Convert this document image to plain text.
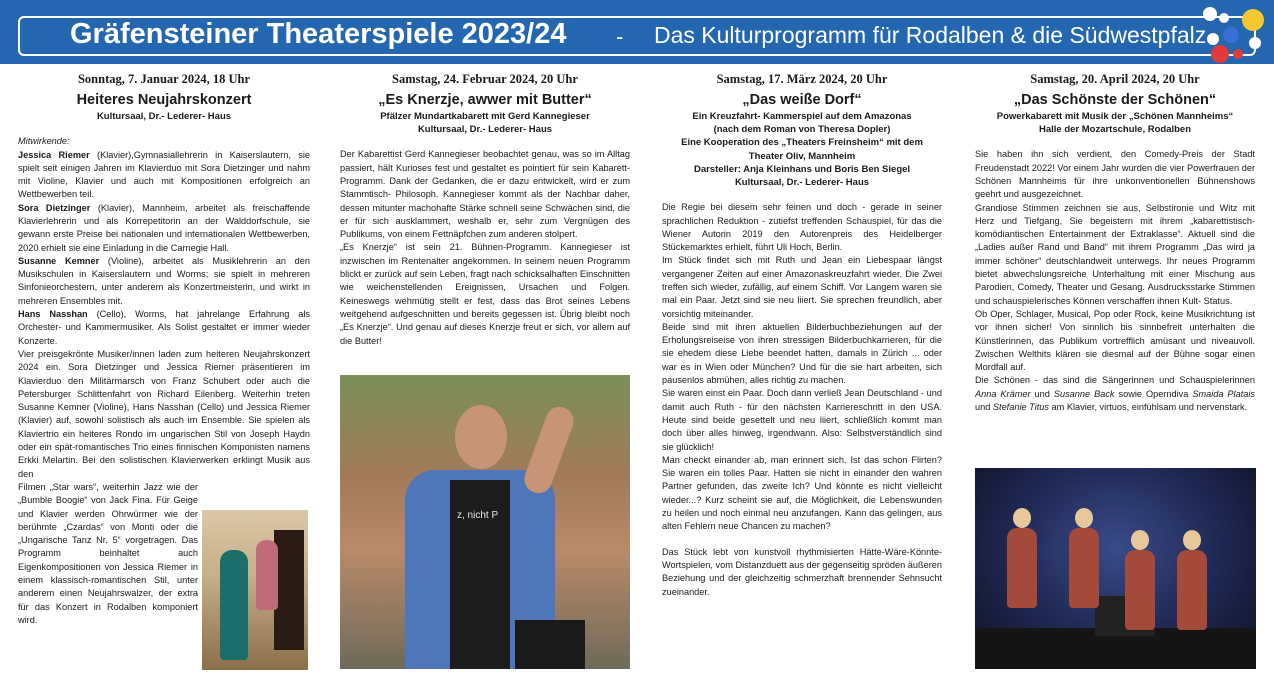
Gräfensteiner Theaterspiele 2023/24 - Das Kulturprogramm für Rodalben & die Südwestpfalz

Sonntag, 7. Januar 2024, 18 Uhr

Heiteres Neujahrskonzert

Kultursaal, Dr.- Lederer- Haus

Mitwirkende:

Jessica Riemer (Klavier),Gymnasiallehrerin in Kaiserslautern, sie spielt seit einigen Jahren im Klavierduo mit Sora Dietzinger und nahm mit Violine, Klavier und auch mit Kompositionen erfolgreich an Wettbewerben teil.

Sora Dietzinger (Klavier), Mannheim, arbeitet als freischaffende Klavierlehrerin und als Korrepetitorin an der Walddorfschule, sie gewann erste Preise bei nationalen und internationalen Wettbewerben, 2020 erhielt sie eine Einladung in die Carnegie Hall.

Susanne Kemner (Violine), arbeitet als Musiklehrerin an den Musikschulen in Kaiserslautern und Worms; sie spielt in mehreren Sinfonieorchestern, unter anderem als Konzertmeisterin, und wirkt in mehreren Ensembles mit.

Hans Nasshan (Cello), Worms, hat jahrelange Erfahrung als Orchester- und Kammermusiker. Als Solist gestaltet er immer wieder Konzerte.

Vier preisgekrönte Musiker/innen laden zum heiteren Neujahrskonzert 2024 ein. Sora Dietzinger und Jessica Riemer präsentieren im Klavierduo den Militärmarsch von Franz Schubert oder auch die Petersburger Schlittenfahrt von Richard Eilenberg. Weiterhin treten Susanne Kemner (Violine), Hans Nasshan (Cello) und Jessica Riemer (Klavier) auf, sowohl solistisch als auch im Ensemble. Sie spielen als Klaviertrio ein heiteres Rondo im ungarischen Stil von Joseph Haydn oder ein spät-romantisches Trio eines finnischen Komponisten namens Erkki Melartin. Bei den solistischen Klavierwerken erklingt Musik aus den

Filmen „Star wars“, weiterhin Jazz wie der „Bumble Boogie“ von Jack Fina. Für Geige und Klavier werden Ohrwürmer wie der berühmte „Czardas“ von Monti oder die „Ungarische Tanz Nr. 5“ vorgetragen. Das Programm beinhaltet auch Eigenkompositionen von Jessica Riemer in einem klassisch-romantischen Stil, unter anderem einen Neujahrswalzer, der extra für das Konzert in Rodalben komponiert wird.

Samstag, 24. Februar 2024, 20 Uhr

„Es Knerzje, awwer mit Butter“

Pfälzer Mundartkabarett mit Gerd Kannegieser

Kultursaal, Dr.- Lederer- Haus

Der Kabarettist Gerd Kannegieser beobachtet genau, was so im Alltag passiert, hält Kurioses fest und gestaltet es pointiert für sein Kabarett- Programm. Dank der Gedanken, die er dazu entwickelt, wird er zum Stammtisch- Philosoph. Kannegieser kommt als der Nachbar daher, dessen mitunter machohafte Stärke schnell seine Schwächen sind, die er für sich ausklammert, weshalb er, sehr zum Vergnügen des Publikums, von einem Fettnäpfchen zum anderen stolpert.

„Es Knerzje“ ist sein 21. Bühnen-Programm. Kannegieser ist inzwischen im Rentenalter angekommen. In seinem neuen Programm blickt er zurück auf sein Leben, fragt nach schicksalhaften Einschnitten wie weichenstellenden Ereignissen, Ursachen und Folgen. Keineswegs wehmütig stellt er fest, dass das Brot seines Lebens weitgehend aufgeschnitten und bereits gegessen ist. Übrig bleibt noch „Es Knerzje“. Und genau auf dieses Knerzje freut er sich, vor allem auf die Butter!

z, nicht P

Samstag, 17. März 2024, 20 Uhr

„Das weiße Dorf“

Ein Kreuzfahrt- Kammerspiel auf dem Amazonas

(nach dem Roman von Theresa Dopler)

Eine Kooperation des „Theaters Freinsheim“ mit dem

Theater Oliv, Mannheim

Darsteller: Anja Kleinhans und Boris Ben Siegel

Kultursaal, Dr.- Lederer- Haus

Die Regie bei diesem sehr feinen und doch - gerade in seiner sprachlichen Reduktion - zutiefst treffenden Schauspiel, für das die Wiener Autorin 2019 den Autorenpreis des Heidelberger Stückemarktes erhielt, führt Uli Hoch, Berlin.

Im Stück findet sich mit Ruth und Jean ein Liebespaar längst vergangener Zeiten auf einer Amazonaskreuzfahrt wieder. Die Zwei treffen sich wieder, zufällig, auf einem Schiff. Vor Langem waren sie mal ein Paar. Jetzt sind sie neu liiert. Sie sprechen freundlich, aber vorsichtig miteinander.

Beide sind mit ihren aktuellen Bilderbuchbeziehungen auf der Erholungsreiseise von ihren stressigen Bilderbuchkarrieren, für die sie ehedem diese Liebe beendet hatten, damals in Zürich ... oder war es in Wien oder München? Und für die sie hart arbeiten, sich pausenlos abmühen, alles richtig zu machen.

Sie waren einst ein Paar. Doch dann verließ Jean Deutschland - und damit auch Ruth - für den nächsten Karriereschritt in den USA. Heute sind beide gesettelt und neu liiert, schließlich kommt man doch über alles hinweg, irgendwann. Also: Selbstverständlich sind sie glücklich!

Man checkt einander ab, man erinnert sich. Ist das schon Flirten? Sie waren ein tolles Paar. Hatten sie nicht in einander den wahren Partner gefunden, das zweite Ich? Und könnte es nicht vielleicht wieder...? Kurz scheint sie auf, die Möglichkeit, die Lebenswunden zu heilen und noch einmal neu anzufangen. Kann das gelingen, aus alten Fehlern neue Chancen zu machen?

Das Stück lebt von kunstvoll rhythmisierten Hätte-Wäre-Könnte-Wortspielen, vom Distanzduett aus der gegenseitig spröden äußeren Beziehung und der gleichzeitig schmerzhaft brennender Sehnsucht zueinander.

Samstag, 20. April 2024, 20 Uhr

„Das Schönste der Schönen“

Powerkabarett mit Musik der „Schönen Mannheims“

Halle der Mozartschule, Rodalben

Sie haben ihn sich verdient, den Comedy-Preis der Stadt Freudenstadt 2022! Vor einem Jahr wurden die vier Powerfrauen der Schönen Mannheims für ihre unkonventionellen Bühnenshows geehrt und ausgezeichnet.

Grandiose Stimmen zeichnen sie aus, Selbstironie und Witz mit Herz und Tiefgang, Sie begeistern mit ihrem „kabarettistisch-komödiantischen Entertainment der Extraklasse“. Aktuell sind die „Ladies außer Rand und Band“ mit ihrem Programm „Das wird ja immer schöner“ deutschlandweit unterwegs. Ihr neues Programm bietet abwechslungsreiche Unterhaltung mit einer Mischung aus Parodien, Comedy, Theater und Gesang. Ausdrucksstarke Stimmen und schauspielerisches Können verschaffen ihnen Kult- Status.

Ob Oper, Schlager, Musical, Pop oder Rock, keine Musikrichtung ist vor ihnen sicher! Von sinnlich bis sinnbefreit unterhalten die Künstlerinnen, das Publikum vortrefflich amüsant und niveauvoll. Zwischen Welthits klären sie diesmal auf der Bühne sogar einen Mordfall auf.

Die Schönen - das sind die Sängerinnen und Schauspielerinnen Anna Krämer und Susanne Back sowie Operndiva Smaida Platais und Stefanie Titus am Klavier, virtuos, einfühlsam und nervenstark.
